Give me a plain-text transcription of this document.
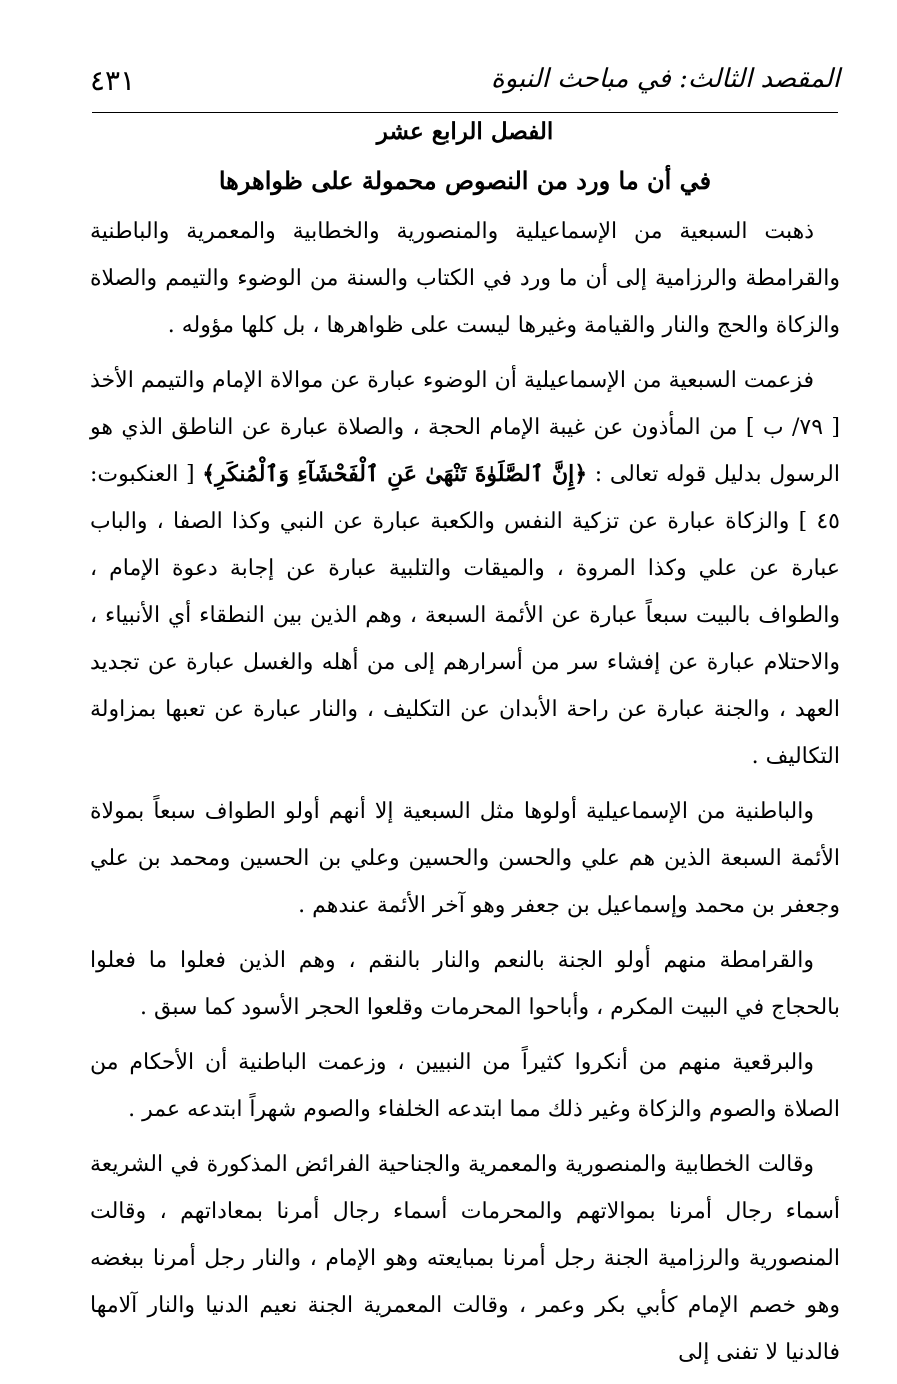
المقصد الثالث: في مباحث النبوة
٤٣١
الفصل الرابع عشر
في أن ما ورد من النصوص محمولة على ظواهرها

ذهبت السبعية من الإسماعيلية والمنصورية والخطابية والمعمرية والباطنية والقرامطة والرزامية إلى أن ما ورد في الكتاب والسنة من الوضوء والتيمم والصلاة والزكاة والحج والنار والقيامة وغيرها ليست على ظواهرها ، بل كلها مؤوله .

فزعمت السبعية من الإسماعيلية أن الوضوء عبارة عن موالاة الإمام والتيمم الأخذ [ ٧٩/ ب ] من المأذون عن غيبة الإمام الحجة ، والصلاة عبارة عن الناطق الذي هو الرسول بدليل قوله تعالى : ﴿إِنَّ ٱلصَّلَوٰةَ تَنْهَىٰ عَنِ ٱلْفَحْشَآءِ وَٱلْمُنكَرِ﴾ [ العنكبوت: ٤٥ ] والزكاة عبارة عن تزكية النفس والكعبة عبارة عن النبي وكذا الصفا ، والباب عبارة عن علي وكذا المروة ، والميقات والتلبية عبارة عن إجابة دعوة الإمام ، والطواف بالبيت سبعاً عبارة عن الأئمة السبعة ، وهم الذين بين النطقاء أي الأنبياء ، والاحتلام عبارة عن إفشاء سر من أسرارهم إلى من أهله والغسل عبارة عن تجديد العهد ، والجنة عبارة عن راحة الأبدان عن التكليف ، والنار عبارة عن تعبها بمزاولة التكاليف .

والباطنية من الإسماعيلية أولوها مثل السبعية إلا أنهم أولو الطواف سبعاً بمولاة الأئمة السبعة الذين هم علي والحسن والحسين وعلي بن الحسين ومحمد بن علي وجعفر بن محمد وإسماعيل بن جعفر وهو آخر الأئمة عندهم .

والقرامطة منهم أولو الجنة بالنعم والنار بالنقم ، وهم الذين فعلوا ما فعلوا بالحجاج في البيت المكرم ، وأباحوا المحرمات وقلعوا الحجر الأسود كما سبق .

والبرقعية منهم من أنكروا كثيراً من النبيين ، وزعمت الباطنية أن الأحكام من الصلاة والصوم والزكاة وغير ذلك مما ابتدعه الخلفاء والصوم شهراً ابتدعه عمر .

وقالت الخطابية والمنصورية والمعمرية والجناحية الفرائض المذكورة في الشريعة أسماء رجال أمرنا بموالاتهم والمحرمات أسماء رجال أمرنا بمعاداتهم ، وقالت المنصورية والرزامية الجنة رجل أمرنا بمبايعته وهو الإمام ، والنار رجل أمرنا ببغضه وهو خصم الإمام كأبي بكر وعمر ، وقالت المعمرية الجنة نعيم الدنيا والنار آلامها فالدنيا لا تفنى إلى
